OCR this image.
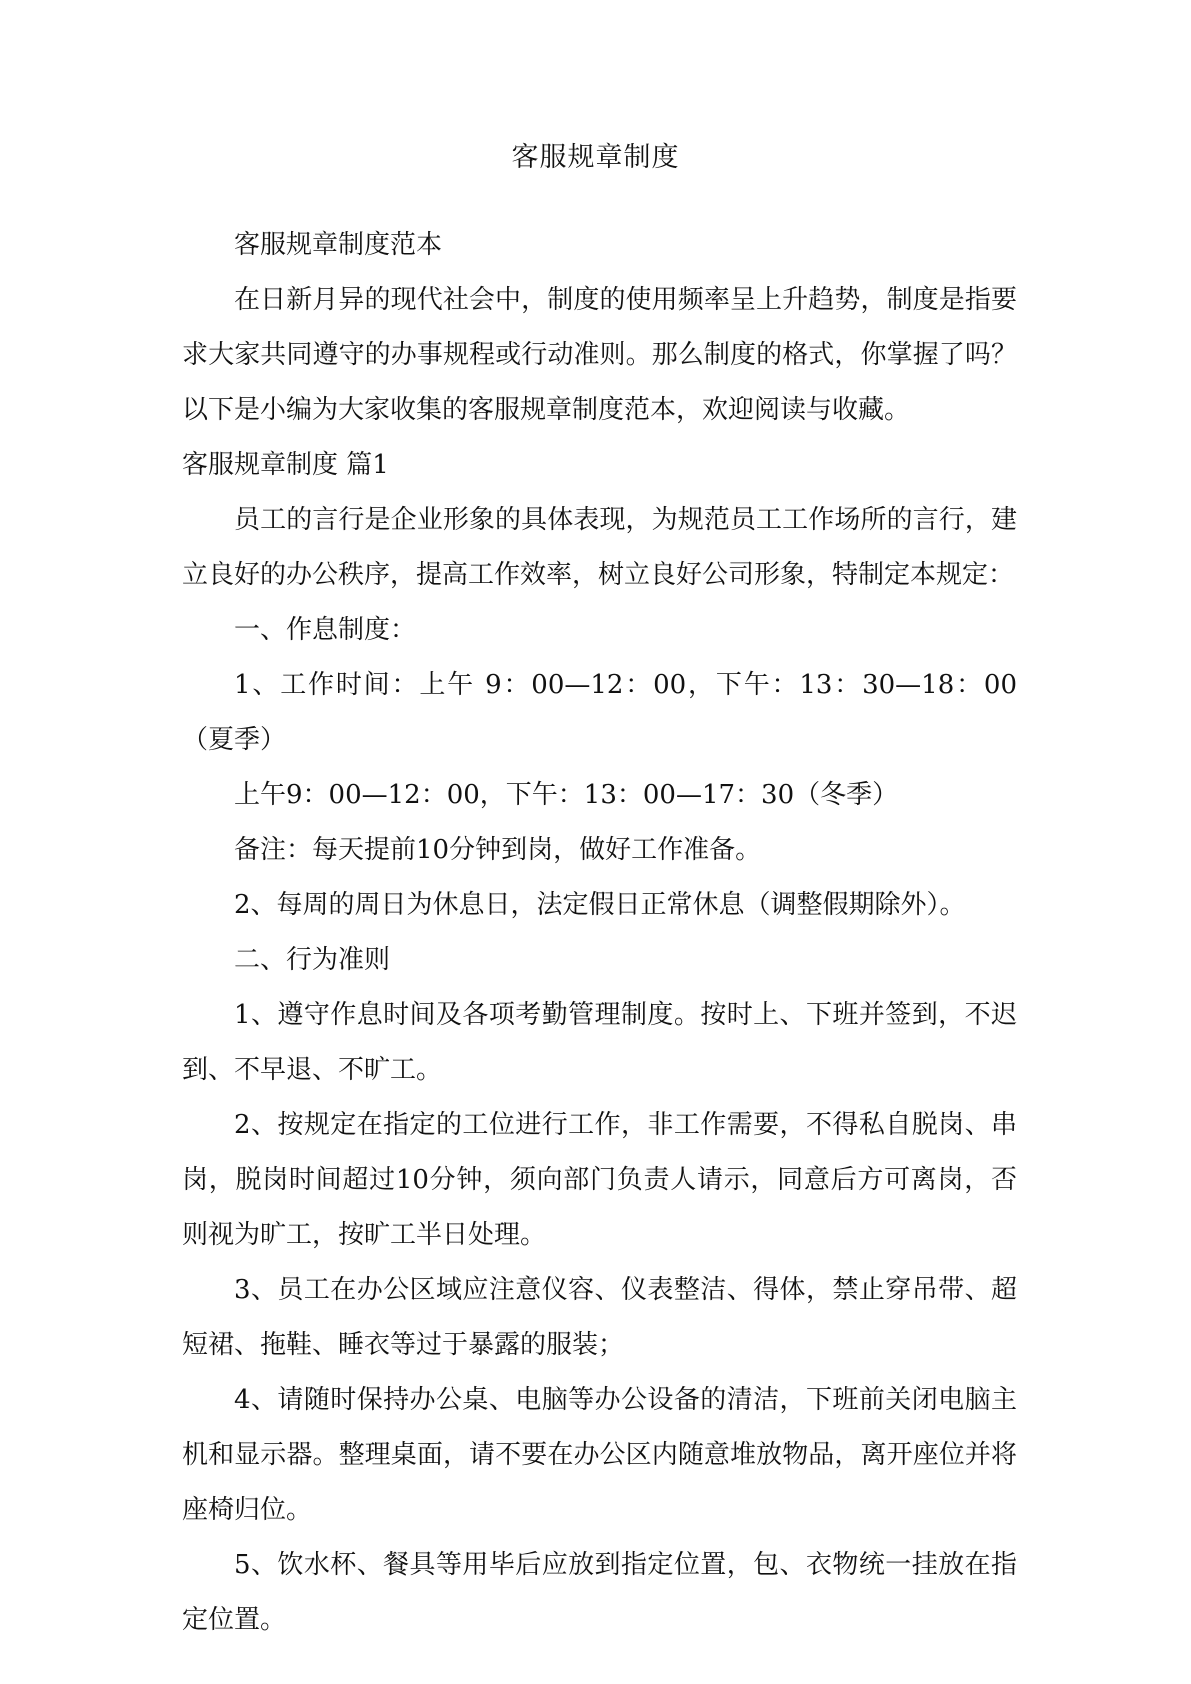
客服规章制度

客服规章制度范本

在日新月异的现代社会中，制度的使用频率呈上升趋势，制度是指要求大家共同遵守的办事规程或行动准则。那么制度的格式，你掌握了吗？以下是小编为大家收集的客服规章制度范本，欢迎阅读与收藏。

客服规章制度 篇1

员工的言行是企业形象的具体表现，为规范员工工作场所的言行，建立良好的办公秩序，提高工作效率，树立良好公司形象，特制定本规定：

一、作息制度：

1、工作时间：上午 9：00—12：00，下午：13：30—18：00（夏季）

上午9：00—12：00，下午：13：00—17：30（冬季）

备注：每天提前10分钟到岗，做好工作准备。

2、每周的周日为休息日，法定假日正常休息（调整假期除外）。

二、行为准则

1、遵守作息时间及各项考勤管理制度。按时上、下班并签到，不迟到、不早退、不旷工。

2、按规定在指定的工位进行工作，非工作需要，不得私自脱岗、串岗，脱岗时间超过10分钟，须向部门负责人请示，同意后方可离岗，否则视为旷工，按旷工半日处理。

3、员工在办公区域应注意仪容、仪表整洁、得体，禁止穿吊带、超短裙、拖鞋、睡衣等过于暴露的服装；

4、请随时保持办公桌、电脑等办公设备的清洁，下班前关闭电脑主机和显示器。整理桌面，请不要在办公区内随意堆放物品，离开座位并将座椅归位。

5、饮水杯、餐具等用毕后应放到指定位置，包、衣物统一挂放在指定位置。
